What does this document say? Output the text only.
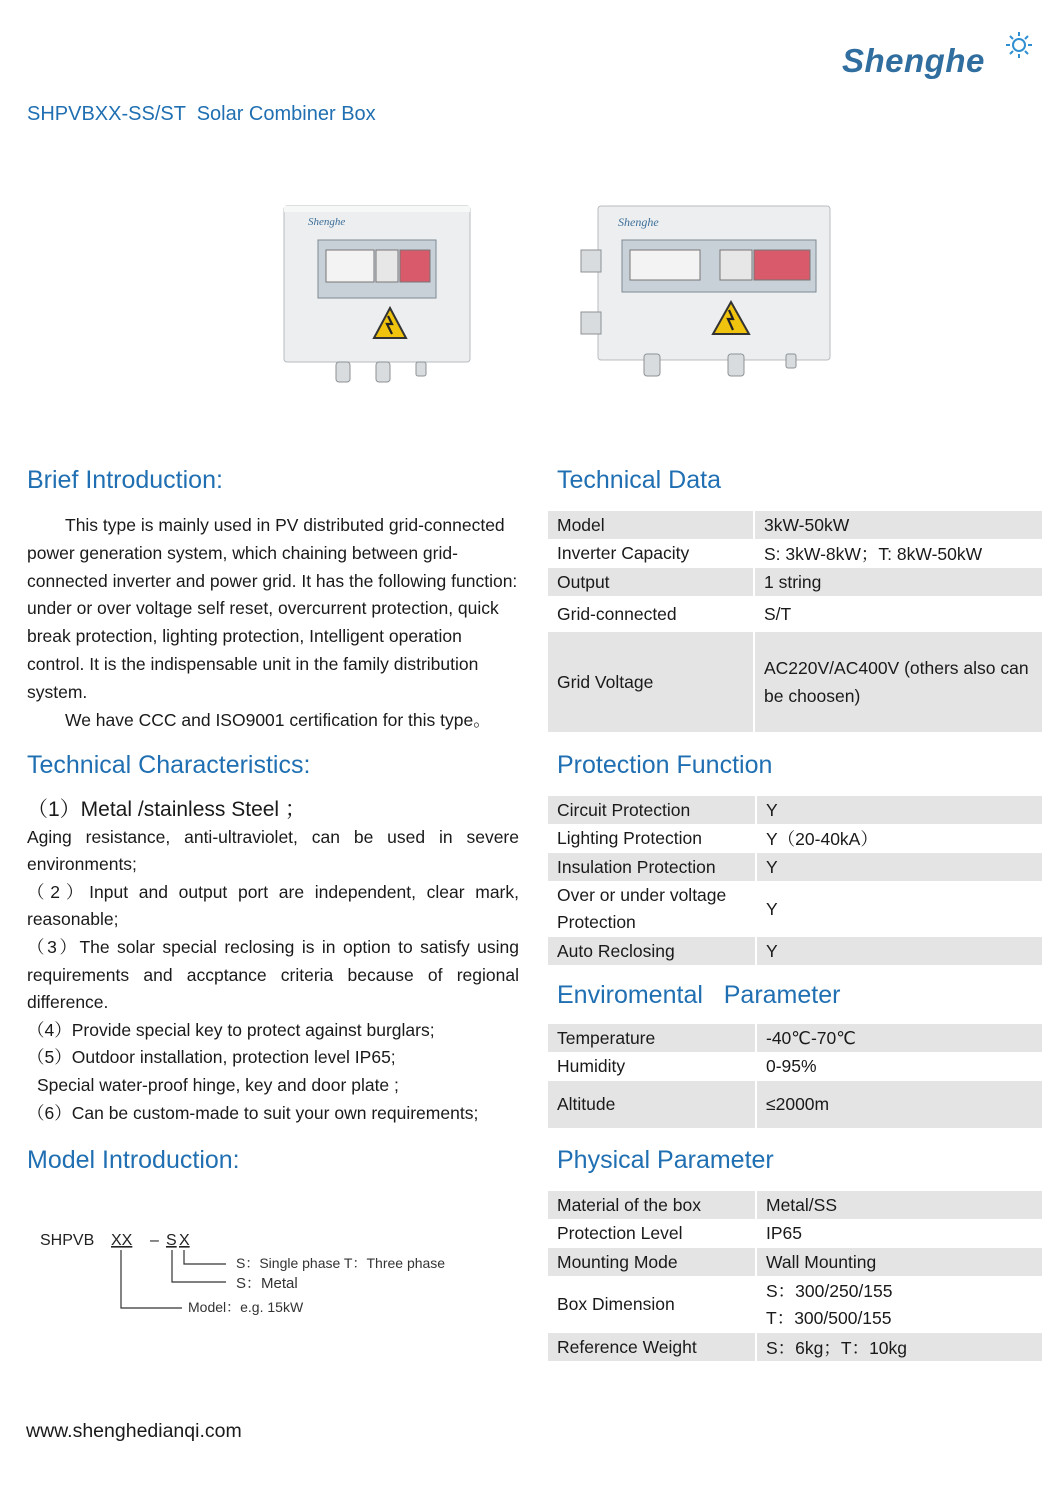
Shenghe
SHPVBXX-SS/ST  Solar Combiner Box
Shenghe	Shenghe
Brief Introduction:

This type is mainly used in PV distributed grid-connected power generation system, which chaining between grid-connected inverter and power grid. It has the following function: under or over voltage self reset, overcurrent protection, quick break protection, lighting protection, Intelligent operation control. It is the indispensable unit in the family distribution system.

We have CCC and ISO9001 certification for this type。

Technical Characteristics:
（1）Metal /stainless Steel ；
Aging resistance, anti-ultraviolet, can be used in severe environments;
（2）Input and output port are independent, clear mark, reasonable;
（3）The solar special reclosing is in option to satisfy using requirements and accptance criteria because of regional difference.
（4）Provide special key to protect against burglars;
（5）Outdoor installation, protection level IP65;
Special water-proof hinge, key and door plate ;
（6）Can be custom-made to suit your own requirements;
Model Introduction:
SHPVB XX – S X
S：Single phase T：Three phase
S：Metal
Model：e.g. 15kW
Technical Data
Model	3kW-50kW
Inverter Capacity	S: 3kW-8kW；T: 8kW-50kW
Output	1 string
Grid-connected	S/T
Grid Voltage	AC220V/AC400V (others also can be choosen)
Protection Function
Circuit Protection	Y
Lighting Protection	Y（20-40kA）
Insulation Protection	Y
Over or under voltage Protection	Y
Auto Reclosing	Y
Enviromental   Parameter
Temperature	-40℃-70℃
Humidity	0-95%
Altitude	≤2000m
Physical Parameter
Material of the box	Metal/SS
Protection Level	IP65
Mounting Mode	Wall Mounting
Box Dimension	S：300/250/155
T：300/500/155

Reference Weight	S：6kg；T：10kg
www.shenghedianqi.com
